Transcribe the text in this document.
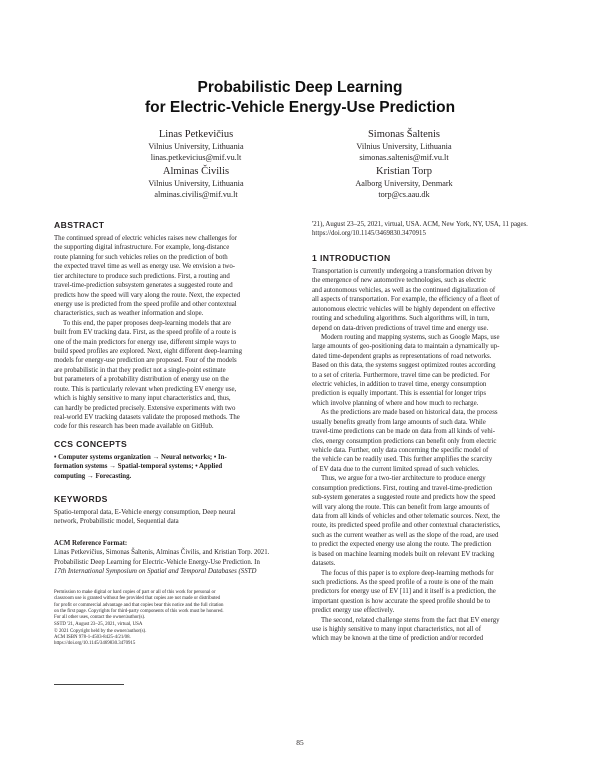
Probabilistic Deep Learning
for Electric-Vehicle Energy-Use Prediction
Linas Petkevičius
Vilnius University, Lithuania
linas.petkevicius@mif.vu.lt
Simonas Šaltenis
Vilnius University, Lithuania
simonas.saltenis@mif.vu.lt
Alminas Čivilis
Vilnius University, Lithuania
alminas.civilis@mif.vu.lt
Kristian Torp
Aalborg University, Denmark
torp@cs.aau.dk
ABSTRACT
The continued spread of electric vehicles raises new challenges for
the supporting digital infrastructure. For example, long-distance
route planning for such vehicles relies on the prediction of both
the expected travel time as well as energy use. We envision a two-
tier architecture to produce such predictions. First, a routing and
travel-time-prediction subsystem generates a suggested route and
predicts how the speed will vary along the route. Next, the expected
energy use is predicted from the speed profile and other contextual
characteristics, such as weather information and slope.
To this end, the paper proposes deep-learning models that are
built from EV tracking data. First, as the speed profile of a route is
one of the main predictors for energy use, different simple ways to
build speed profiles are explored. Next, eight different deep-learning
models for energy-use prediction are proposed. Four of the models
are probabilistic in that they predict not a single-point estimate
but parameters of a probability distribution of energy use on the
route. This is particularly relevant when predicting EV energy use,
which is highly sensitive to many input characteristics and, thus,
can hardly be predicted precisely. Extensive experiments with two
real-world EV tracking datasets validate the proposed methods. The
code for this research has been made available on GitHub.
CCS CONCEPTS
• Computer systems organization → Neural networks; • In-
formation systems → Spatial-temporal systems; • Applied
computing → Forecasting.
KEYWORDS
Spatio-temporal data, E-Vehicle energy consumption, Deep neural
network, Probabilistic model, Sequential data
ACM Reference Format:
Linas Petkevičius, Simonas Šaltenis, Alminas Čivilis, and Kristian Torp. 2021.
Probabilistic Deep Learning for Electric-Vehicle Energy-Use Prediction. In
17th International Symposium on Spatial and Temporal Databases (SSTD
Permission to make digital or hard copies of part or all of this work for personal or
classroom use is granted without fee provided that copies are not made or distributed
for profit or commercial advantage and that copies bear this notice and the full citation
on the first page. Copyrights for third-party components of this work must be honored.
For all other uses, contact the owner/author(s).
SSTD '21, August 23–25, 2021, virtual, USA
© 2021 Copyright held by the owner/author(s).
ACM ISBN 978-1-4503-8425-4/21/08.
https://doi.org/10.1145/3469830.3470915
'21), August 23–25, 2021, virtual, USA. ACM, New York, NY, USA, 11 pages.
https://doi.org/10.1145/3469830.3470915
1 INTRODUCTION
Transportation is currently undergoing a transformation driven by
the emergence of new automotive technologies, such as electric
and autonomous vehicles, as well as the continued digitalization of
all aspects of transportation. For example, the efficiency of a fleet of
autonomous electric vehicles will be highly dependent on effective
routing and scheduling algorithms. Such algorithms will, in turn,
depend on data-driven predictions of travel time and energy use.
Modern routing and mapping systems, such as Google Maps, use
large amounts of geo-positioning data to maintain a dynamically up-
dated time-dependent graphs as representations of road networks.
Based on this data, the systems suggest optimized routes according
to a set of criteria. Furthermore, travel time can be predicted. For
electric vehicles, in addition to travel time, energy consumption
prediction is equally important. This is essential for longer trips
which involve planning of where and how much to recharge.
As the predictions are made based on historical data, the process
usually benefits greatly from large amounts of such data. While
travel-time predictions can be made on data from all kinds of vehi-
cles, energy consumption predictions can benefit only from electric
vehicle data. Further, only data concerning the specific model of
the vehicle can be readily used. This further amplifies the scarcity
of EV data due to the current limited spread of such vehicles.
Thus, we argue for a two-tier architecture to produce energy
consumption predictions. First, routing and travel-time-prediction
sub-system generates a suggested route and predicts how the speed
will vary along the route. This can benefit from large amounts of
data from all kinds of vehicles and other telematic sources. Next, the
route, its predicted speed profile and other contextual characteristics,
such as the current weather as well as the slope of the road, are used
to predict the expected energy use along the route. The prediction
is based on machine learning models built on relevant EV tracking
datasets.
The focus of this paper is to explore deep-learning methods for
such predictions. As the speed profile of a route is one of the main
predictors for energy use of EV [11] and it itself is a prediction, the
important question is how accurate the speed profile should be to
predict energy use effectively.
The second, related challenge stems from the fact that EV energy
use is highly sensitive to many input characteristics, not all of
which may be known at the time of prediction and/or recorded
85
